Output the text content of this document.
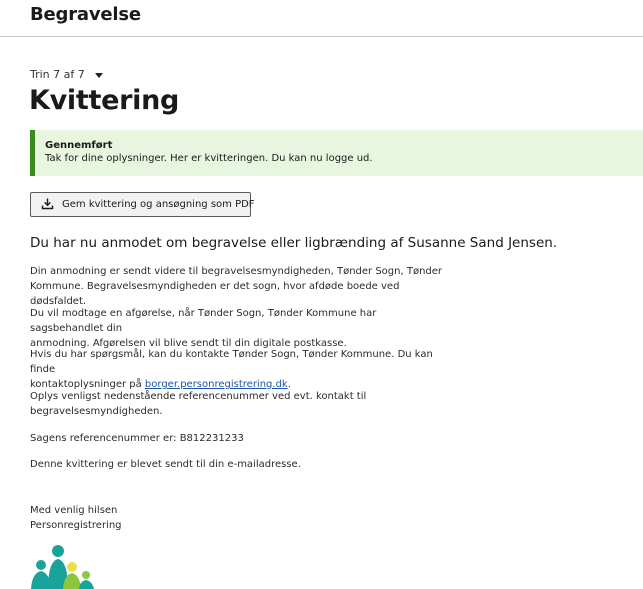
Begravelse
Trin 7 af 7
Kvittering
Gennemført
Tak for dine oplysninger. Her er kvitteringen. Du kan nu logge ud.
Gem kvittering og ansøgning som PDF
Du har nu anmodet om begravelse eller ligbrænding af Susanne Sand Jensen.
Din anmodning er sendt videre til begravelsesmyndigheden, Tønder Sogn, Tønder
Kommune. Begravelsesmyndigheden er det sogn, hvor afdøde boede ved dødsfaldet.
Du vil modtage en afgørelse, når Tønder Sogn, Tønder Kommune har sagsbehandlet din
anmodning. Afgørelsen vil blive sendt til din digitale postkasse.
Hvis du har spørgsmål, kan du kontakte Tønder Sogn, Tønder Kommune. Du kan finde
kontaktoplysninger på borger.personregistrering.dk.
Oplys venligst nedenstående referencenummer ved evt. kontakt til
begravelsesmyndigheden.
Sagens referencenummer er: B812231233
Denne kvittering er blevet sendt til din e-mailadresse.
Med venlig hilsen
Personregistrering
